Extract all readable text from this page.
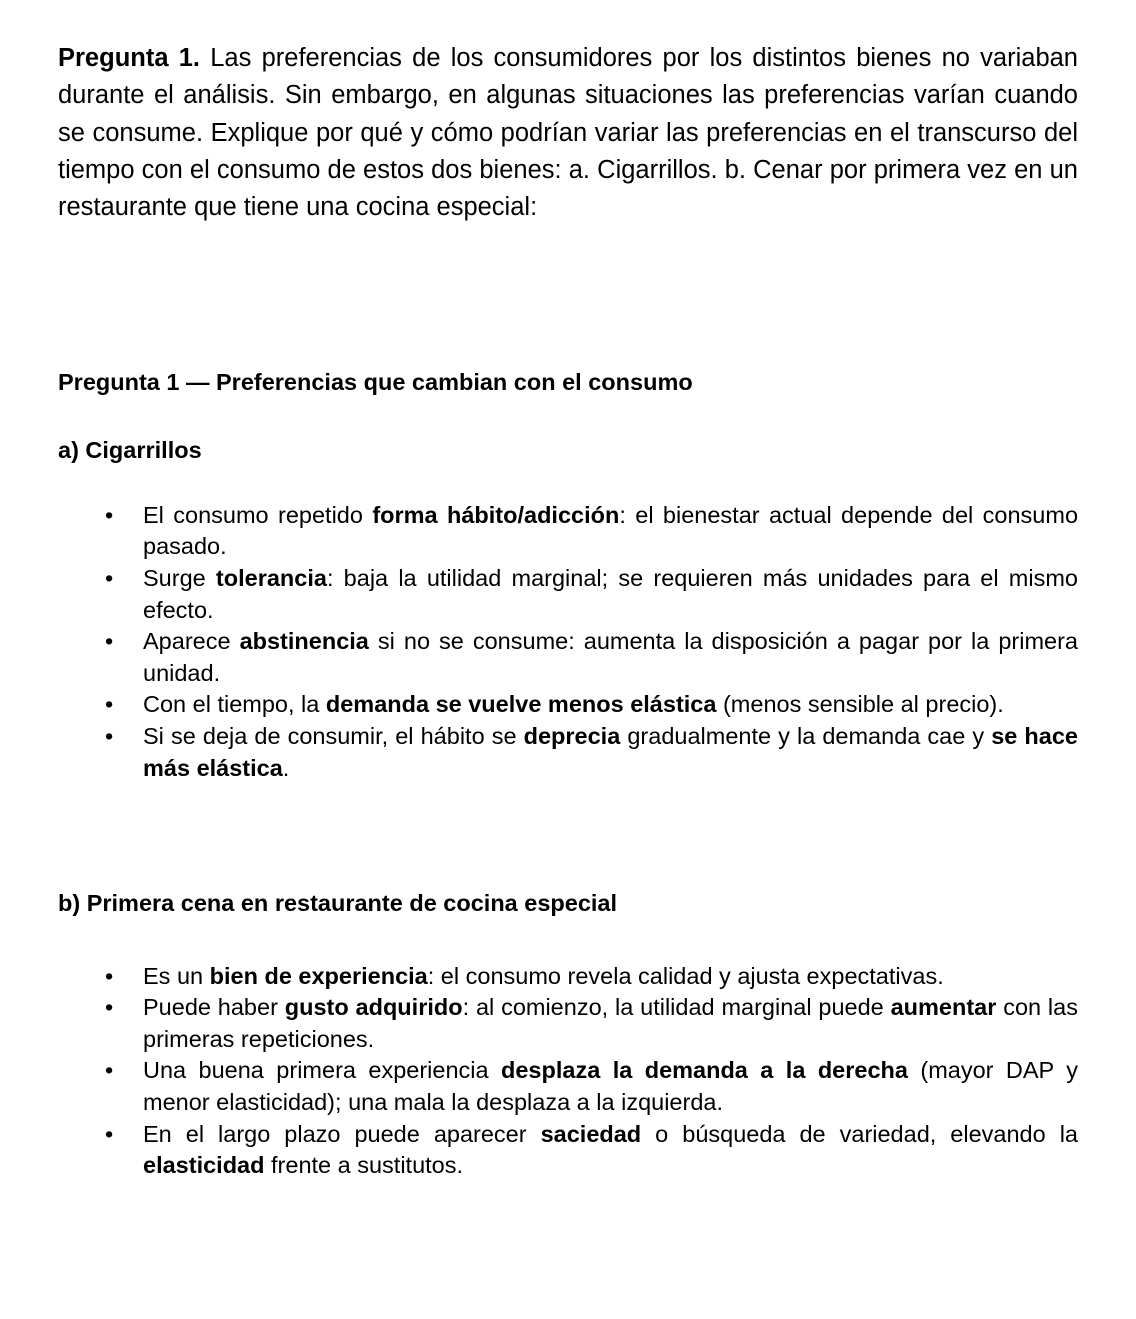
Pregunta 1. Las preferencias de los consumidores por los distintos bienes no variaban durante el análisis. Sin embargo, en algunas situaciones las preferencias varían cuando se consume. Explique por qué y cómo podrían variar las preferencias en el transcurso del tiempo con el consumo de estos dos bienes: a. Cigarrillos. b. Cenar por primera vez en un restaurante que tiene una cocina especial:

Pregunta 1 — Preferencias que cambian con el consumo
a) Cigarrillos
• El consumo repetido forma hábito/adicción: el bienestar actual depende del consumo pasado.
• Surge tolerancia: baja la utilidad marginal; se requieren más unidades para el mismo efecto.
• Aparece abstinencia si no se consume: aumenta la disposición a pagar por la primera unidad.
• Con el tiempo, la demanda se vuelve menos elástica (menos sensible al precio).
• Si se deja de consumir, el hábito se deprecia gradualmente y la demanda cae y se hace más elástica.
b) Primera cena en restaurante de cocina especial
• Es un bien de experiencia: el consumo revela calidad y ajusta expectativas.
• Puede haber gusto adquirido: al comienzo, la utilidad marginal puede aumentar con las primeras repeticiones.
• Una buena primera experiencia desplaza la demanda a la derecha (mayor DAP y menor elasticidad); una mala la desplaza a la izquierda.
• En el largo plazo puede aparecer saciedad o búsqueda de variedad, elevando la elasticidad frente a sustitutos.
